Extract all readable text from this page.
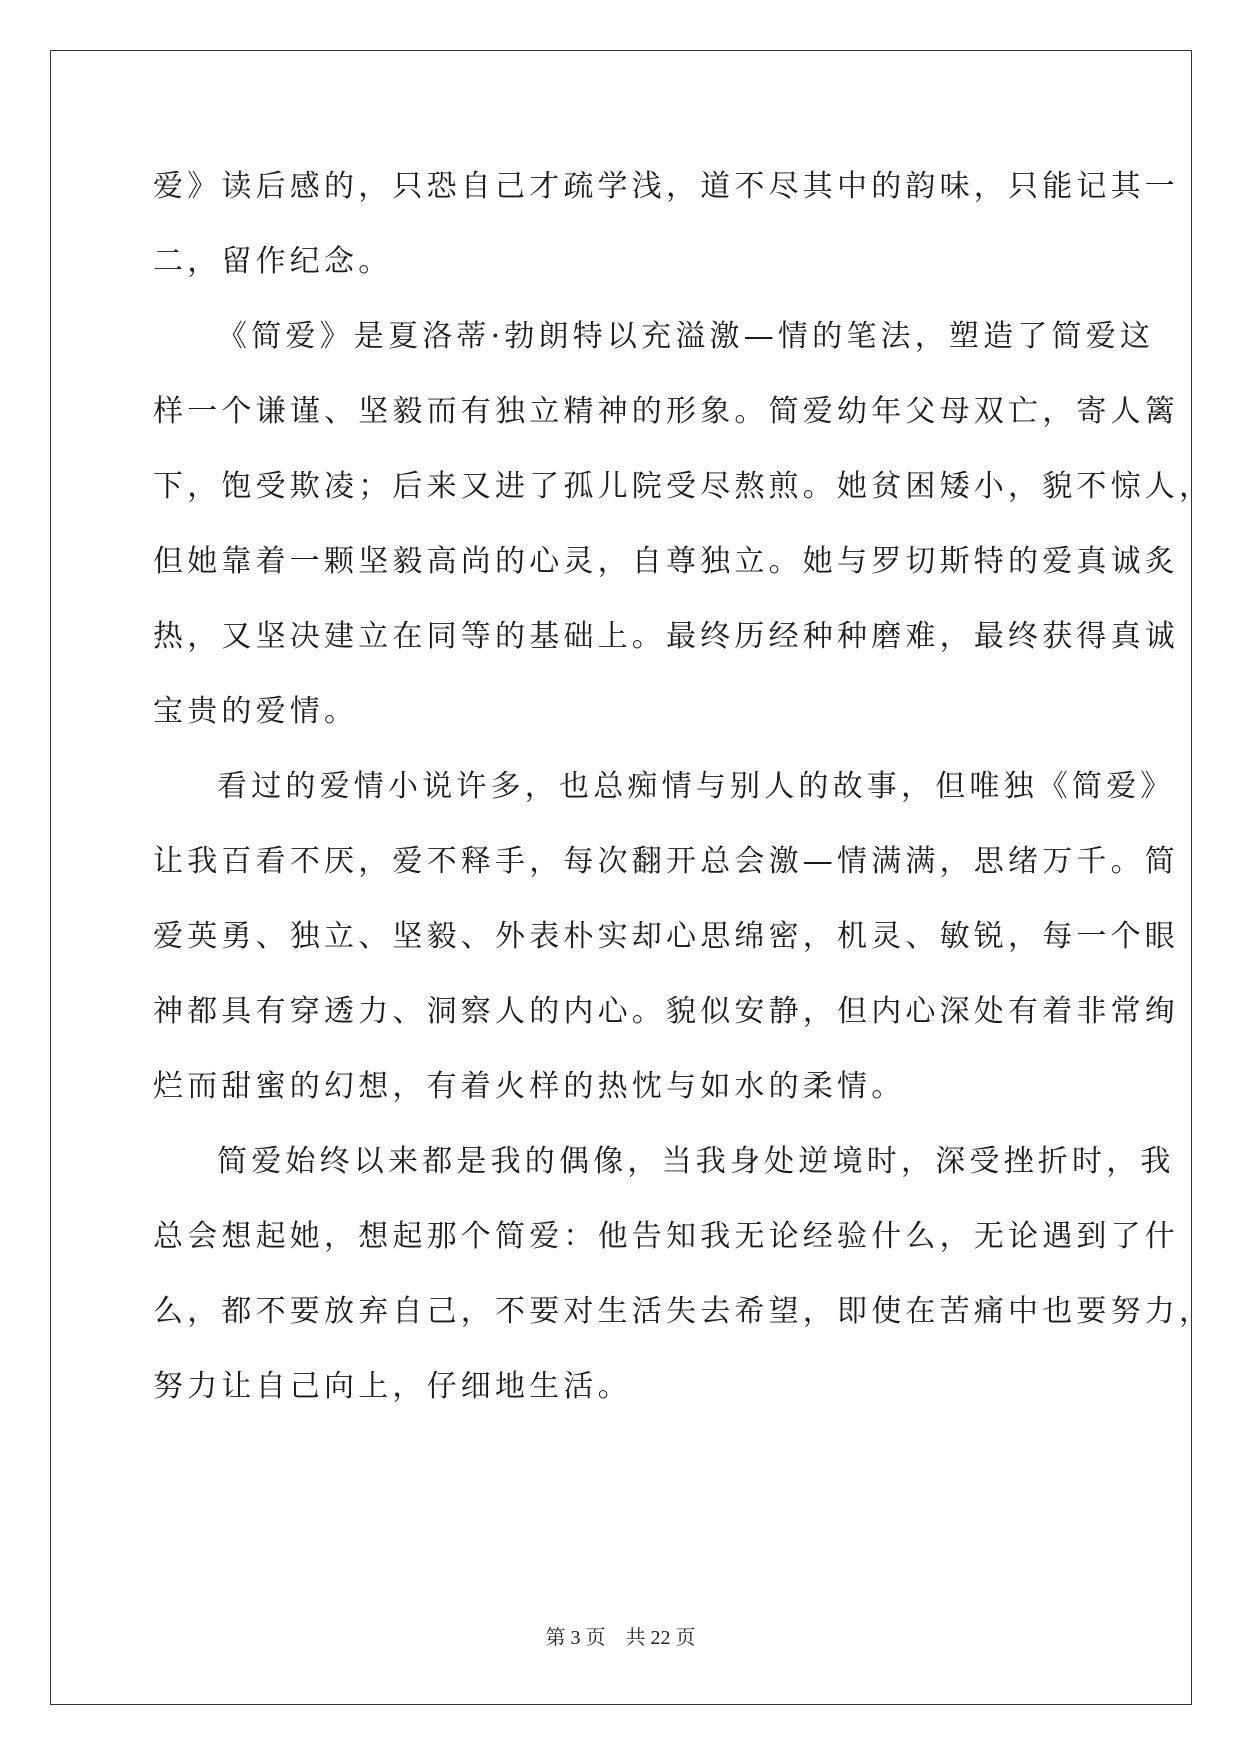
爱》读后感的，只恐自己才疏学浅，道不尽其中的韵味，只能记其一
二，留作纪念。
《简爱》是夏洛蒂·勃朗特以充溢激—情的笔法，塑造了简爱这
样一个谦谨、坚毅而有独立精神的形象。简爱幼年父母双亡，寄人篱
下，饱受欺凌；后来又进了孤儿院受尽熬煎。她贫困矮小，貌不惊人，
但她靠着一颗坚毅高尚的心灵，自尊独立。她与罗切斯特的爱真诚炙
热，又坚决建立在同等的基础上。最终历经种种磨难，最终获得真诚
宝贵的爱情。
看过的爱情小说许多，也总痴情与别人的故事，但唯独《简爱》
让我百看不厌，爱不释手，每次翻开总会激—情满满，思绪万千。简
爱英勇、独立、坚毅、外表朴实却心思绵密，机灵、敏锐，每一个眼
神都具有穿透力、洞察人的内心。貌似安静，但内心深处有着非常绚
烂而甜蜜的幻想，有着火样的热忱与如水的柔情。
简爱始终以来都是我的偶像，当我身处逆境时，深受挫折时，我
总会想起她，想起那个简爱：他告知我无论经验什么，无论遇到了什
么，都不要放弃自己，不要对生活失去希望，即使在苦痛中也要努力，
努力让自己向上，仔细地生活。
第 3 页 共 22 页
